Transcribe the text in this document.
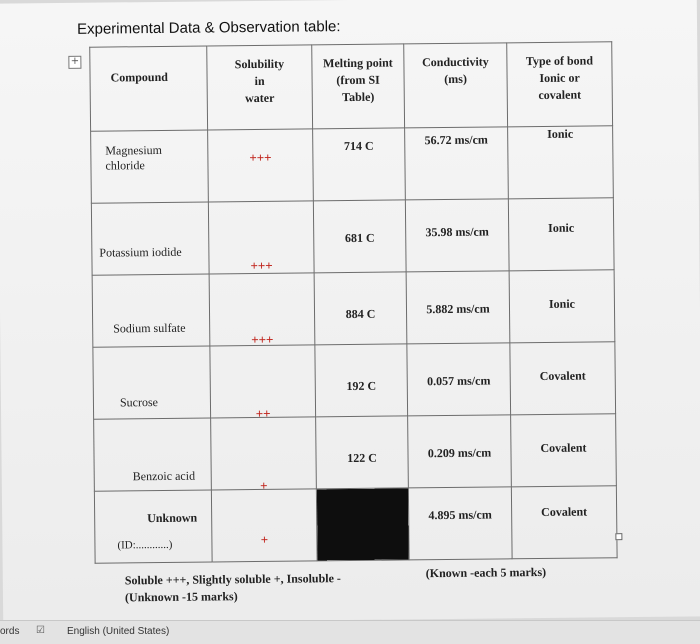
Experimental Data & Observation table:
+
Compound	Solubility
in
water	Melting point
(from SI
Table)	Conductivity
(ms)	Type of bond
Ionic or
covalent

Magnesium
chloride	+++	714 C	56.72 ms/cm	Ionic

Potassium iodide	+++	681 C	35.98 ms/cm	Ionic

Sodium sulfate	+++	884 C	5.882 ms/cm	Ionic

Sucrose	++	192 C	0.057 ms/cm	Covalent

Benzoic acid	+	122 C	0.209 ms/cm	Covalent

Unknown
(ID:............)	+		4.895 ms/cm	Covalent
Soluble +++, Slightly soluble +, Insoluble -
(Unknown -15 marks)
(Known -each 5 marks)
ords ☑ English (United States)
